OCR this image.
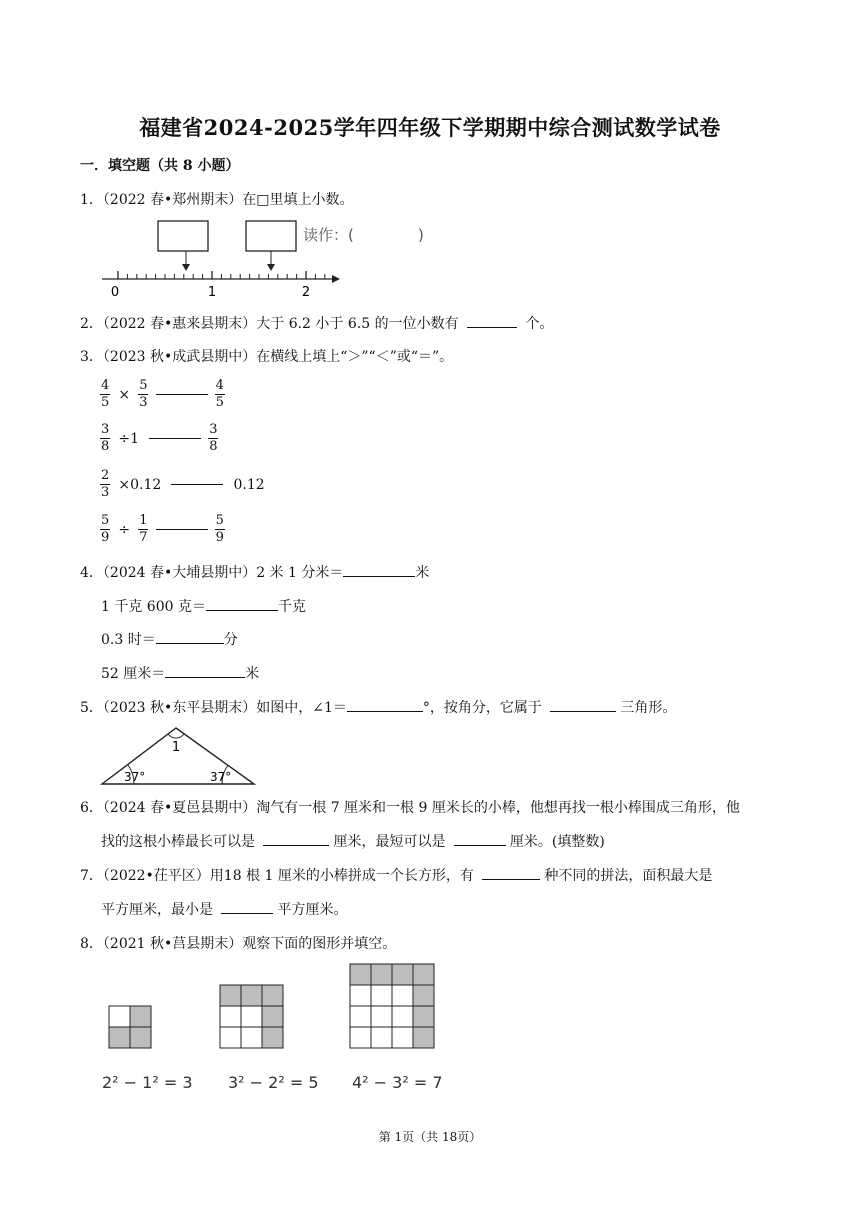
福建省2024-2025学年四年级下学期期中综合测试数学试卷
一．填空题（共 8 小题）
1．（2022 春•郑州期末）在□里填上小数。
读作：(	)
0	1	2
2．（2022 春•惠来县期末）大于 6.2 小于 6.5 的一位小数有	个。
3．（2023 秋•成武县期中）在横线上填上“＞”“＜”或“＝”。
$\frac{4}{5} \times \frac{5}{3}$
	$\frac{4}{5}$
$\frac{3}{8} \div 1$	$\frac{3}{8}$
$\frac{2}{3} \times 0.12$	0.12
$\frac{5}{9} \div \frac{1}{7}$
	$\frac{5}{9}$
4．（2024 春•大埔县期中）2 米 1 分米＝	米
1 千克 600 克＝	千克
0.3 时＝	分
52 厘米＝	米
5．（2023 秋•东平县期末）如图中，∠1＝	°，按角分，它属于	三角形。
1
37°	37°
6．（2024 春•夏邑县期中）淘气有一根 7 厘米和一根 9 厘米长的小棒，他想再找一根小棒围成三角形，他
找的这根小棒最长可以是	厘米，最短可以是	厘米。(填整数)
7．（2022•茌平区）用18 根 1 厘米的小棒拼成一个长方形，有	种不同的拼法，面积最大是
平方厘米，最小是	平方厘米。
8．（2021 秋•莒县期末）观察下面的图形并填空。
2² − 1² = 3 3² − 2² = 5 4² − 3² = 7
第 1页（共 18页）
